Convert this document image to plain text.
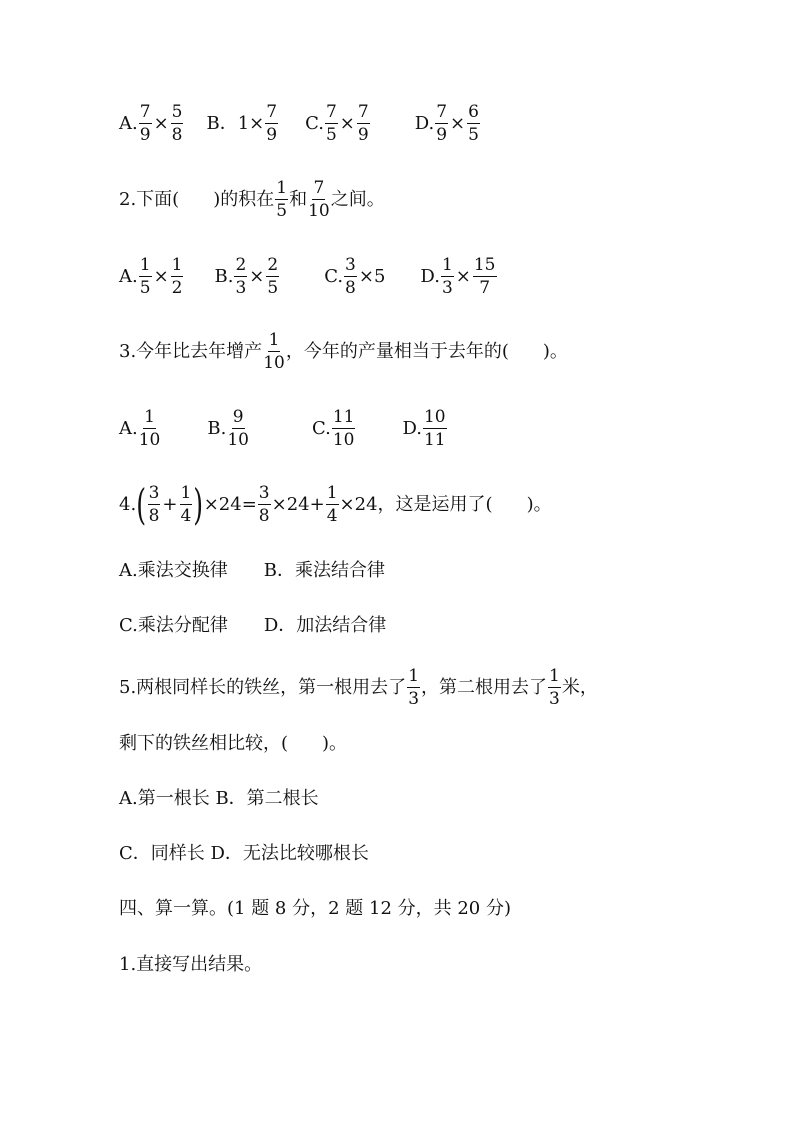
A. $\frac{7}{9} \times \frac{5}{8}$ B．$1\times \frac{7}{9} C$. $\frac{7}{5} \times \frac{7}{9}$	D. $\frac{7}{9} \times \frac{6}{5}$
2.下面( )的积在 $\frac{1}{5}$ 和 $\frac{7}{10}$ 之间。
A. $\frac{1}{5} \times \frac{1}{2} B$. $\frac{2}{3} \times \frac{2}{5}$	C. $\frac{3}{8} \times 5$ D. $\frac{1}{3} \times \frac{15}{7}$
3.今年比去年增产 $\frac{1}{10}$ ，今年的产量相当于去年的( )。
A. $\frac{1}{10}$	B. $\frac{9}{10}$	C. $\frac{11}{10}$	D. $\frac{10}{11}$
4. ( $\frac{3}{8} + \frac{1}{4}$ ) $\times 24= \frac{3}{8} \times 24+ \frac{1}{4} \times 24$ ，这是运用了( )。
A.乘法交换律　　B．乘法结合律
C.乘法分配律　　D．加法结合律
5.两根同样长的铁丝，第一根用去了 $\frac{1}{3}$ ，第二根用去了 $\frac{1}{3}$ 米，
剩下的铁丝相比较，( )。
A.第一根长 B．第二根长
C．同样长 D．无法比较哪根长
四、算一算。(1 题 8 分，2 题 12 分，共 20 分)
1.直接写出结果。
